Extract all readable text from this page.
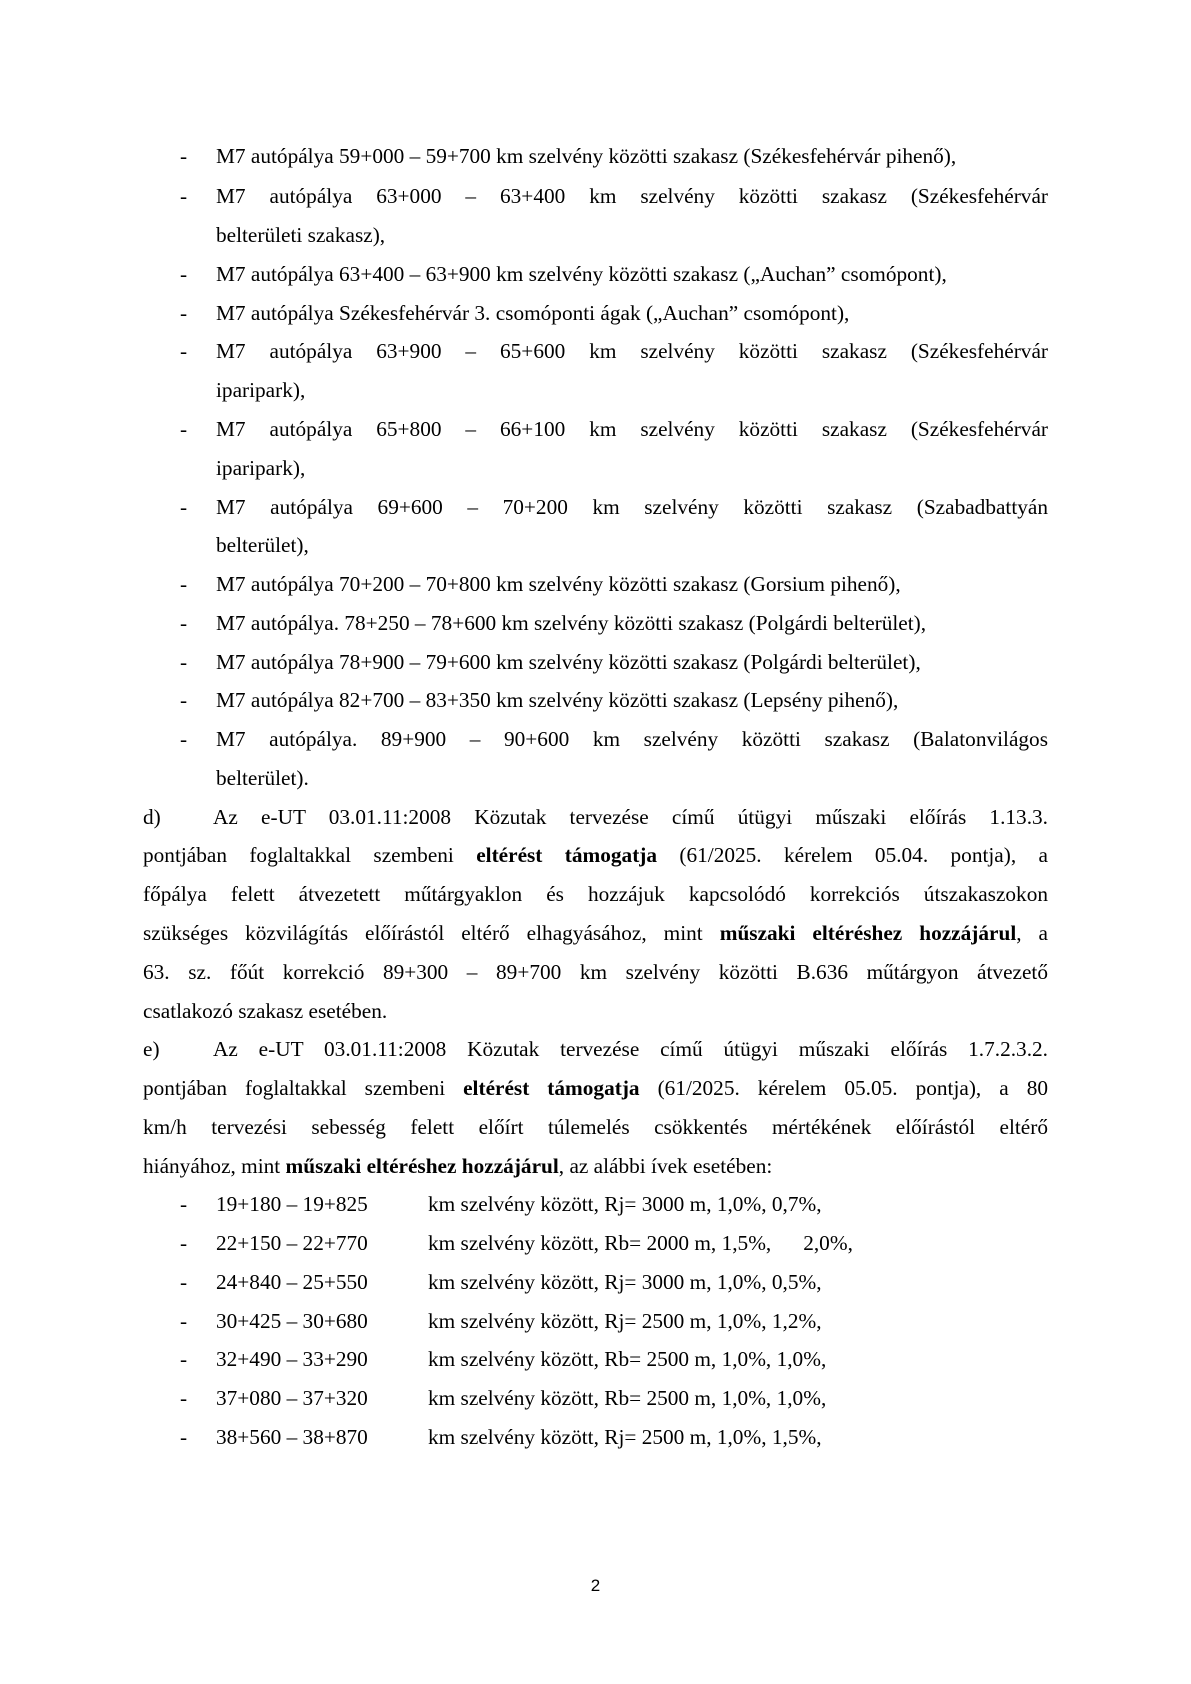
- M7 autópálya 59+000 – 59+700 km szelvény közötti szakasz (Székesfehérvár pihenő),
- M7 autópálya 63+000 – 63+400 km szelvény közötti szakasz (Székesfehérvár
belterületi szakasz),
- M7 autópálya 63+400 – 63+900 km szelvény közötti szakasz („Auchan” csomópont),
- M7 autópálya Székesfehérvár 3. csomóponti ágak („Auchan” csomópont),
- M7 autópálya 63+900 – 65+600 km szelvény közötti szakasz (Székesfehérvár
iparipark),
- M7 autópálya 65+800 – 66+100 km szelvény közötti szakasz (Székesfehérvár
iparipark),
- M7 autópálya 69+600 – 70+200 km szelvény közötti szakasz (Szabadbattyán
belterület),
- M7 autópálya 70+200 – 70+800 km szelvény közötti szakasz (Gorsium pihenő),
- M7 autópálya. 78+250 – 78+600 km szelvény közötti szakasz (Polgárdi belterület),
- M7 autópálya 78+900 – 79+600 km szelvény közötti szakasz (Polgárdi belterület),
- M7 autópálya 82+700 – 83+350 km szelvény közötti szakasz (Lepsény pihenő),
- M7 autópálya. 89+900 – 90+600 km szelvény közötti szakasz (Balatonvilágos
belterület).
d) Az e-UT 03.01.11:2008 Közutak tervezése című útügyi műszaki előírás 1.13.3.
pontjában foglaltakkal szembeni eltérést támogatja (61/2025. kérelem 05.04. pontja), a
főpálya felett átvezetett műtárgyaklon és hozzájuk kapcsolódó korrekciós útszakaszokon
szükséges közvilágítás előírástól eltérő elhagyásához, mint műszaki eltéréshez hozzájárul, a
63. sz. főút korrekció 89+300 – 89+700 km szelvény közötti B.636 műtárgyon átvezető
csatlakozó szakasz esetében.
e)	Az e-UT 03.01.11:2008 Közutak tervezése című útügyi műszaki előírás 1.7.2.3.2.
pontjában foglaltakkal szembeni eltérést támogatja (61/2025. kérelem 05.05. pontja), a 80
km/h tervezési sebesség felett előírt túlemelés csökkentés mértékének előírástól eltérő
hiányához, mint műszaki eltéréshez hozzájárul, az alábbi ívek esetében:
- 19+180 – 19+825	km szelvény között, Rj= 3000 m, 1,0%, 0,7%,
- 22+150 – 22+770	km szelvény között, Rb= 2000 m, 1,5%,      2,0%,
- 24+840 – 25+550	km szelvény között, Rj= 3000 m, 1,0%, 0,5%,
- 30+425 – 30+680	km szelvény között, Rj= 2500 m, 1,0%, 1,2%,
- 32+490 – 33+290	km szelvény között, Rb= 2500 m, 1,0%, 1,0%,
- 37+080 – 37+320	km szelvény között, Rb= 2500 m, 1,0%, 1,0%,
- 38+560 – 38+870	km szelvény között, Rj= 2500 m, 1,0%, 1,5%,
2
